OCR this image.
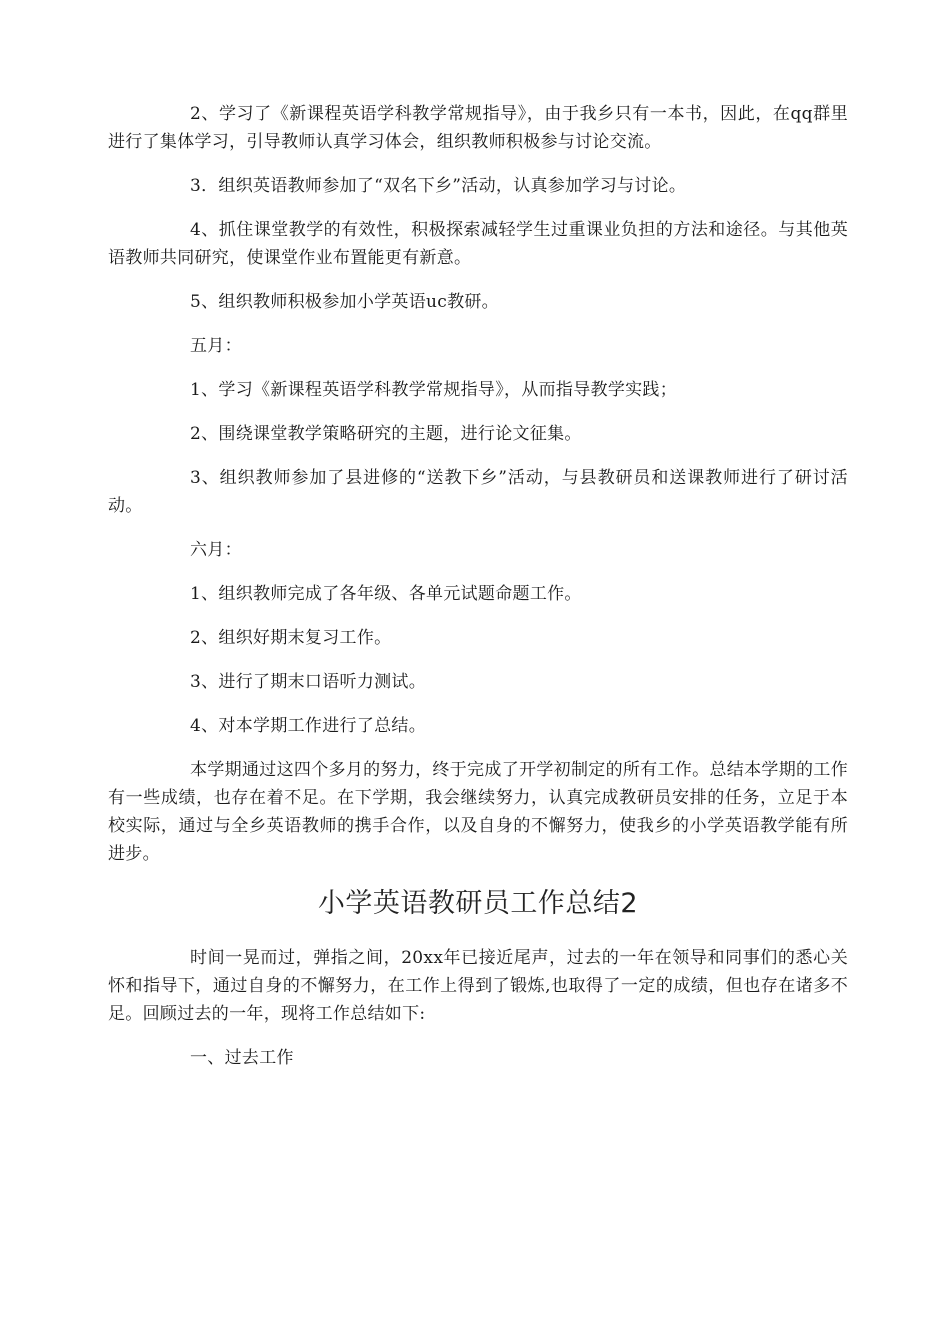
2、学习了《新课程英语学科教学常规指导》，由于我乡只有一本书，因此，在qq群里进行了集体学习，引导教师认真学习体会，组织教师积极参与讨论交流。

3．组织英语教师参加了“双名下乡”活动，认真参加学习与讨论。

4、抓住课堂教学的有效性，积极探索减轻学生过重课业负担的方法和途径。与其他英语教师共同研究，使课堂作业布置能更有新意。

5、组织教师积极参加小学英语uc教研。

五月：

1、学习《新课程英语学科教学常规指导》，从而指导教学实践；

2、围绕课堂教学策略研究的主题，进行论文征集。

3、组织教师参加了县进修的“送教下乡”活动，与县教研员和送课教师进行了研讨活动。

六月：

1、组织教师完成了各年级、各单元试题命题工作。

2、组织好期末复习工作。

3、进行了期末口语听力测试。

4、对本学期工作进行了总结。

本学期通过这四个多月的努力，终于完成了开学初制定的所有工作。总结本学期的工作有一些成绩，也存在着不足。在下学期，我会继续努力，认真完成教研员安排的任务，立足于本校实际，通过与全乡英语教师的携手合作，以及自身的不懈努力，使我乡的小学英语教学能有所进步。

小学英语教研员工作总结2

时间一晃而过，弹指之间，20xx年已接近尾声，过去的一年在领导和同事们的悉心关怀和指导下，通过自身的不懈努力，在工作上得到了锻炼,也取得了一定的成绩，但也存在诸多不足。回顾过去的一年，现将工作总结如下:

一、过去工作
